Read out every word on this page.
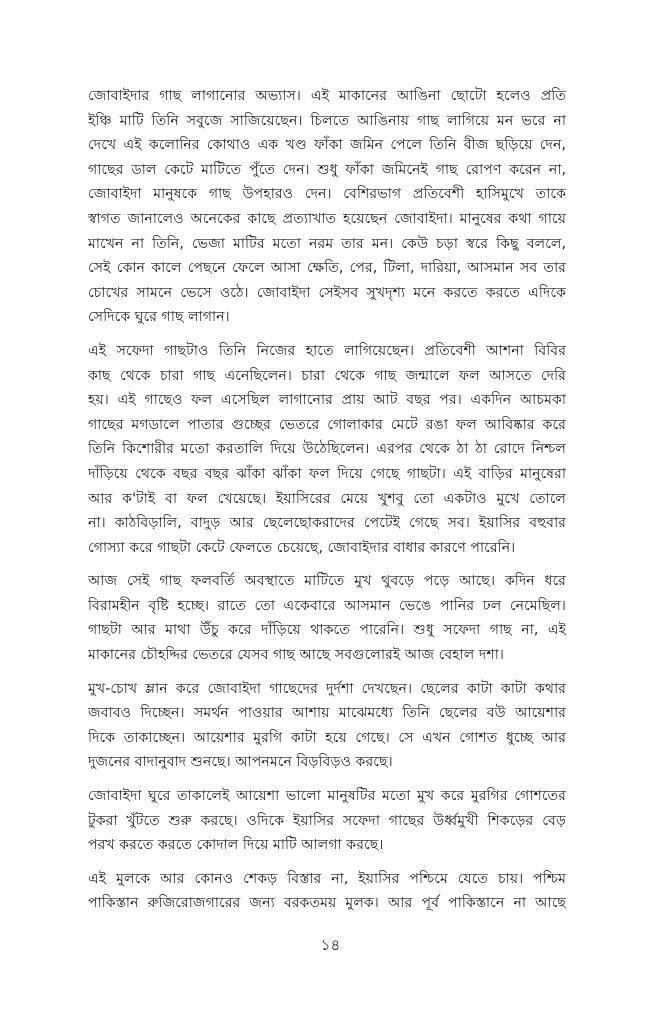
জোবাইদার গাছ লাগানোর অভ্যাস। এই মাকানের আঙিনা ছোটো হলেও প্রতি
ইঞ্চি মাটি তিনি সবুজে সাজিয়েছেন। চিলতে আঙিনায় গাছ লাগিয়ে মন ভরে না
দেখে এই কলোনির কোথাও এক খণ্ড ফাঁকা জমিন পেলে তিনি বীজ ছড়িয়ে দেন,
গাছের ডাল কেটে মাটিতে পুঁতে দেন। শুধু ফাঁকা জমিনেই গাছ রোপণ করেন না,
জোবাইদা মানুষকে গাছ উপহারও দেন। বেশিরভাগ প্রতিবেশী হাসিমুখে তাকে
স্বাগত জানালেও অনেকের কাছে প্রত্যাখাত হয়েছেন জোবাইদা। মানুষের কথা গায়ে
মাখেন না তিনি, ভেজা মাটির মতো নরম তার মন। কেউ চড়া স্বরে কিছু বললে,
সেই কোন কালে পেছনে ফেলে আসা ক্ষেতি, পের, টিলা, দারিয়া, আসমান সব তার
চোখের সামনে ভেসে ওঠে। জোবাইদা সেইসব সুখদৃশ্য মনে করতে করতে এদিকে
সেদিকে ঘুরে গাছ লাগান।
এই সফেদা গাছটাও তিনি নিজের হাতে লাগিয়েছেন। প্রতিবেশী আশনা বিবির
কাছ থেকে চারা গাছ এনেছিলেন। চারা থেকে গাছ জন্মালে ফল আসতে দেরি
হয়। এই গাছেও ফল এসেছিল লাগানোর প্রায় আট বছর পর। একদিন আচমকা
গাছের মগডালে পাতার গুচ্ছের ভেতরে গোলাকার মেটে রঙা ফল আবিষ্কার করে
তিনি কিশোরীর মতো করতালি দিয়ে উঠেছিলেন। এরপর থেকে ঠা ঠা রোদে নিশ্চল
দাঁড়িয়ে থেকে বছর বছর ঝাঁকা ঝাঁকা ফল দিয়ে গেছে গাছটা। এই বাড়ির মানুষেরা
আর ক'টাই বা ফল খেয়েছে। ইয়াসিরের মেয়ে খুশবু তো একটাও মুখে তোলে
না। কাঠবিড়ালি, বাদুড় আর ছেলেছোকরাদের পেটেই গেছে সব। ইয়াসির বহুবার
গোস্যা করে গাছটা কেটে ফেলতে চেয়েছে, জোবাইদার বাধার কারণে পারেনি।
আজ সেই গাছ ফলবর্তি অবস্থাতে মাটিতে মুখ থুবড়ে পড়ে আছে। কদিন ধরে
বিরামহীন বৃষ্টি হচ্ছে। রাতে তো একেবারে আসমান ভেঙে পানির ঢল নেমেছিল।
গাছটা আর মাথা উঁচু করে দাঁড়িয়ে থাকতে পারেনি। শুধু সফেদা গাছ না, এই
মাকানের চৌহদ্দির ভেতরে যেসব গাছ আছে সবগুলোরই আজ বেহাল দশা।
মুখ-চোখ ম্লান করে জোবাইদা গাছেদের দুর্দশা দেখছেন। ছেলের কাটা কাটা কথার
জবাবও দিচ্ছেন। সমর্থন পাওয়ার আশায় মাঝেমধ্যে তিনি ছেলের বউ আয়েশার
দিকে তাকাচ্ছেন। আয়েশার মুরগি কাটা হয়ে গেছে। সে এখন গোশত ধুচ্ছে আর
দুজনের বাদানুবাদ শুনছে। আপনমনে বিড়বিড়ও করছে।
জোবাইদা ঘুরে তাকালেই আয়েশা ভালো মানুষটির মতো মুখ করে মুরগির গোশতের
টুকরা খুঁটতে শুরু করছে। ওদিকে ইয়াসির সফেদা গাছের উর্ধ্বমুখী শিকড়ের বেড়
পরখ করতে করতে কোদাল দিয়ে মাটি আলগা করছে।
এই মুলকে আর কোনও শেকড় বিস্তার না, ইয়াসির পশ্চিমে যেতে চায়। পশ্চিম
পাকিস্তান রুজিরোজগারের জন্য বরকতময় মুলক। আর পূর্ব পাকিস্তানে না আছে
১৪
